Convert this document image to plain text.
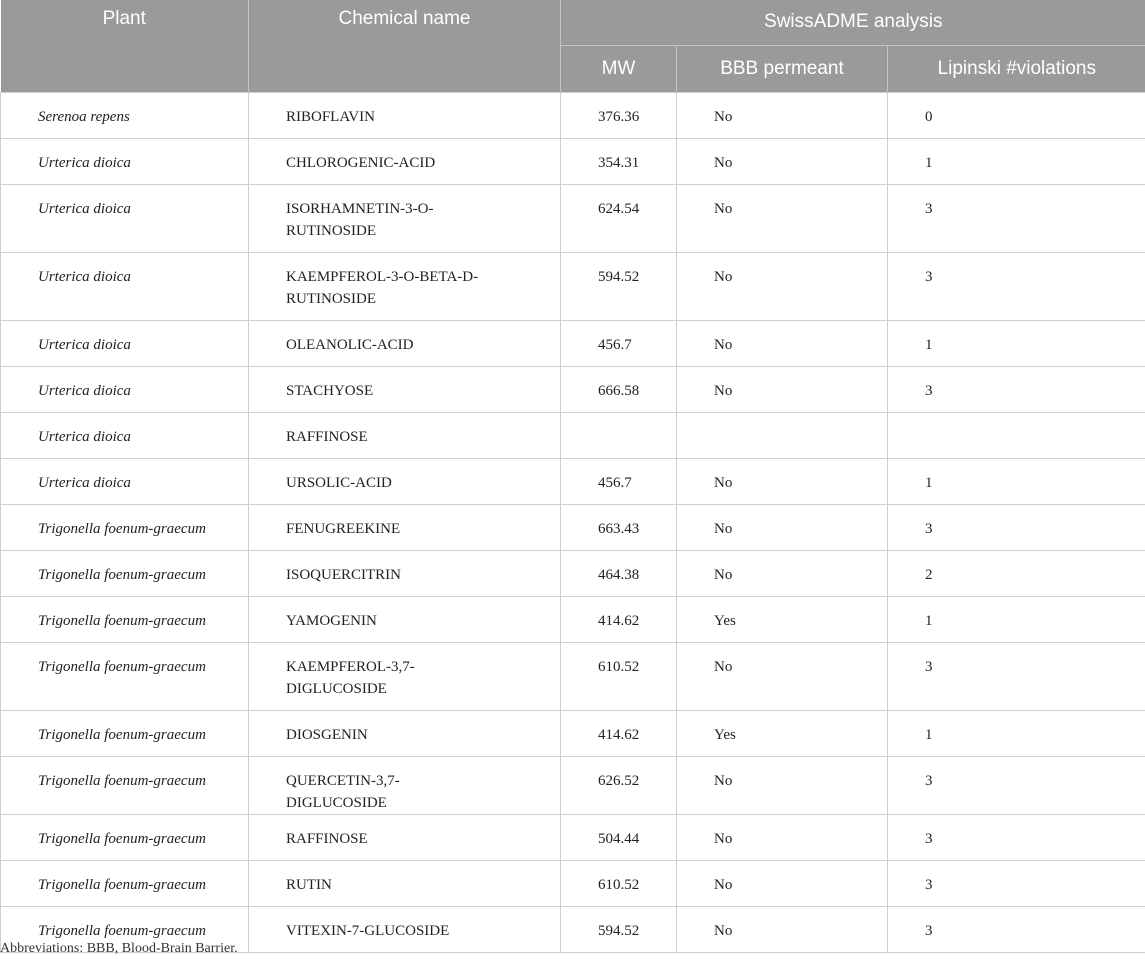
Plant	Chemical name	SwissADME analysis		
		MW	BBB permeant	Lipinski #violations
Serenoa repens	RIBOFLAVIN	376.36	No	0
Urterica dioica	CHLOROGENIC-ACID	354.31	No	1
Urterica dioica	ISORHAMNETIN-3-O-RUTINOSIDE	624.54	No	3
Urterica dioica	KAEMPFEROL-3-O-BETA-D-RUTINOSIDE	594.52	No	3
Urterica dioica	OLEANOLIC-ACID	456.7	No	1
Urterica dioica	STACHYOSE	666.58	No	3
Urterica dioica	RAFFINOSE			
Urterica dioica	URSOLIC-ACID	456.7	No	1
Trigonella foenum-graecum	FENUGREEKINE	663.43	No	3
Trigonella foenum-graecum	ISOQUERCITRIN	464.38	No	2
Trigonella foenum-graecum	YAMOGENIN	414.62	Yes	1
Trigonella foenum-graecum	KAEMPFEROL-3,7-DIGLUCOSIDE	610.52	No	3
Trigonella foenum-graecum	DIOSGENIN	414.62	Yes	1
Trigonella foenum-graecum	QUERCETIN-3,7-DIGLUCOSIDE	626.52	No	3
Trigonella foenum-graecum	RAFFINOSE	504.44	No	3
Trigonella foenum-graecum	RUTIN	610.52	No	3
Trigonella foenum-graecum	VITEXIN-7-GLUCOSIDE	594.52	No	3
Abbreviations: BBB, Blood-Brain Barrier.
